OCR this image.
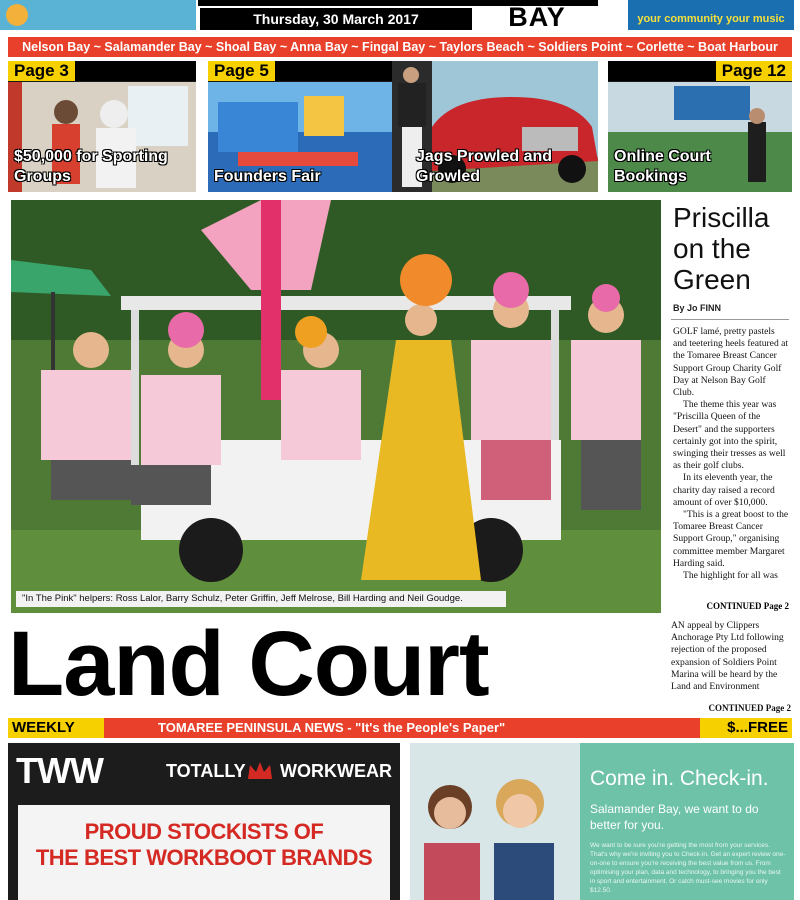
Thursday, 30 March 2017	BAY	your community your music
Nelson Bay ~ Salamander Bay ~ Shoal Bay ~ Anna Bay ~ Fingal Bay ~ Taylors Beach ~ Soldiers Point ~ Corlette ~ Boat Harbour
Page 3
$50,000 for Sporting Groups
Page 5
Founders Fair
Jags Prowled and Growled
Page 12
Online Court Bookings
"In The Pink" helpers: Ross Lalor, Barry Schulz, Peter Griffin, Jeff Melrose, Bill Harding and Neil Goudge.
Priscilla on the Green
By Jo FINN

GOLF lamé, pretty pastels and teetering heels featured at the Tomaree Breast Cancer Support Group Charity Golf Day at Nelson Bay Golf Club.

The theme this year was "Priscilla Queen of the Desert" and the supporters certainly got into the spirit, swinging their tresses as well as their golf clubs.

In its eleventh year, the charity day raised a record amount of over $10,000.

"This is a great boost to the Tomaree Breast Cancer Support Group," organising committee member Margaret Harding said.

The highlight for all was

CONTINUED Page 2
Land Court	AN appeal by Clippers Anchorage Pty Ltd following rejection of the proposed expansion of Soldiers Point Marina will be heard by the Land and Environment
CONTINUED Page 2
WEEKLY	TOMAREE PENINSULA NEWS - "It's the People's Paper"	$...FREE
TWW	TOTALLY WORKWEAR
PROUD STOCKISTS OF
THE BEST WORKBOOT BRANDS
Come in. Check-in.
Salamander Bay, we want to do better for you.
We want to be sure you're getting the most from your services. That's why we're inviting you to Check-in. Get an expert review one-on-one to ensure you're receiving the best value from us. From optimising your plan, data and technology, to bringing you the best in sport and entertainment. Or catch must-see movies for only $12.50.
